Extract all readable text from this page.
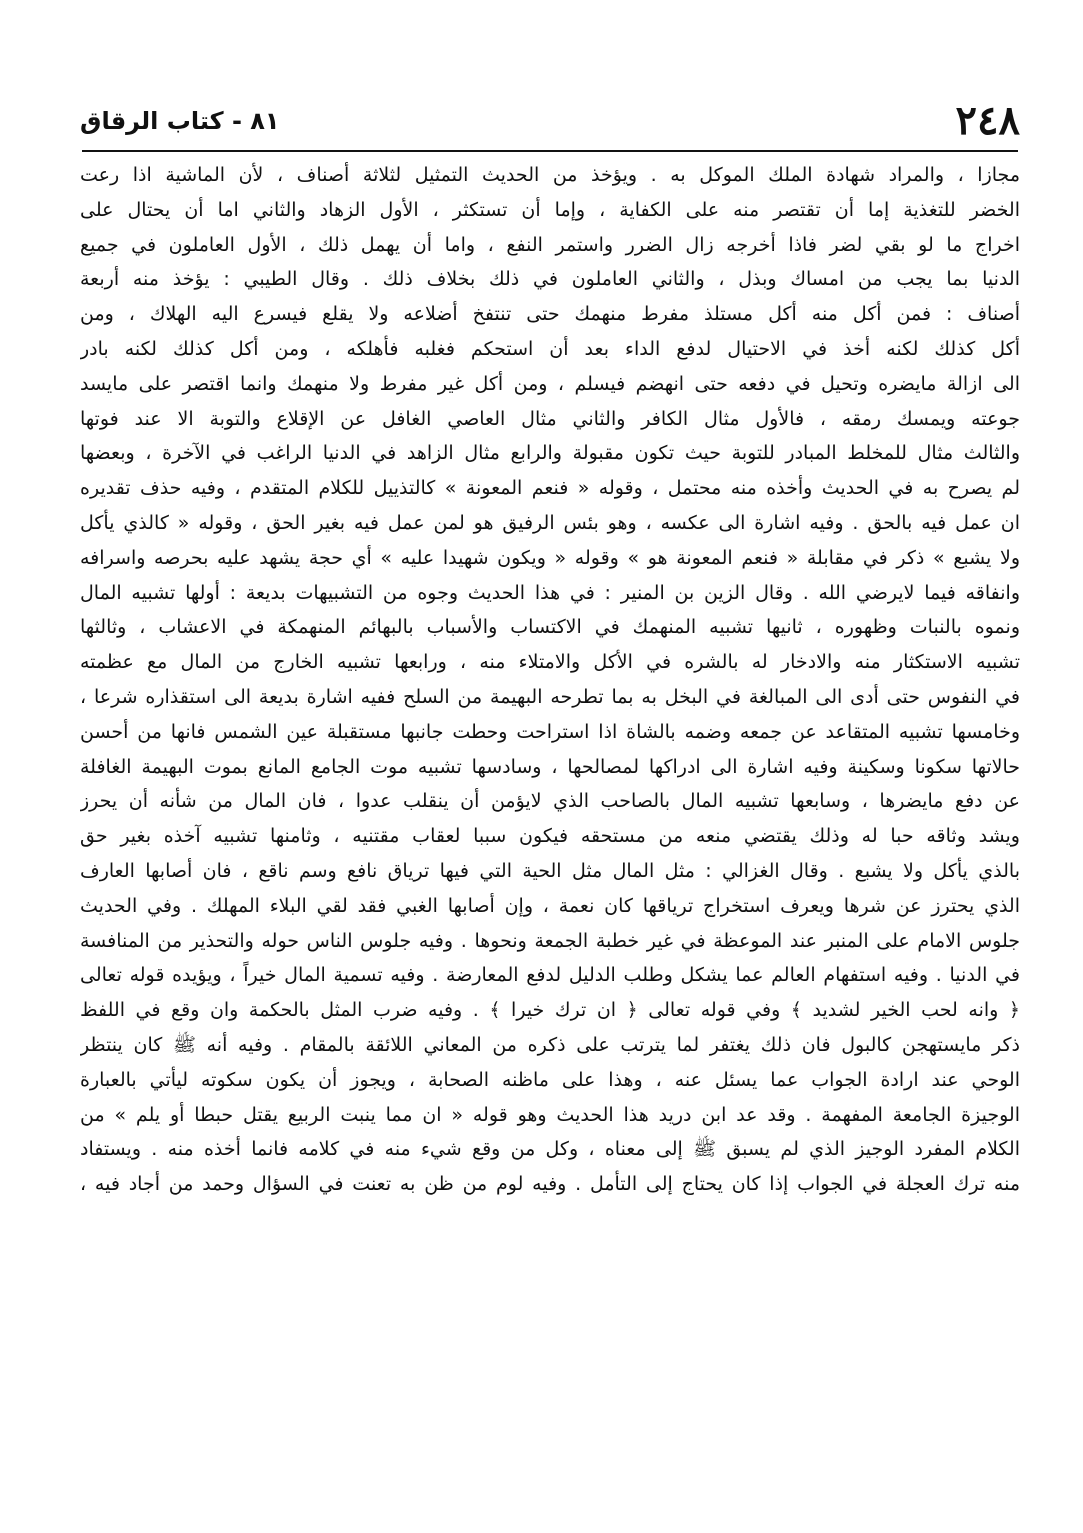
٢٤٨
٨١ - كتاب الرقاق
مجازا ، والمراد شهادة الملك الموكل به . ويؤخذ من الحديث التمثيل لثلاثة أصناف ، لأن الماشية اذا رعت
الخضر للتغذية إما أن تقتصر منه على الكفاية ، وإما أن تستكثر ، الأول الزهاد والثاني اما أن يحتال على
اخراج ما لو بقي لضر فاذا أخرجه زال الضرر واستمر النفع ، واما أن يهمل ذلك ، الأول العاملون في جميع
الدنيا بما يجب من امساك وبذل ، والثاني العاملون في ذلك بخلاف ذلك . وقال الطيبي : يؤخذ منه أربعة
أصناف : فمن أكل منه أكل مستلذ مفرط منهمك حتى تنتفخ أضلاعه ولا يقلع فيسرع اليه الهلاك ، ومن
أكل كذلك لكنه أخذ في الاحتيال لدفع الداء بعد أن استحكم فغلبه فأهلكه ، ومن أكل كذلك لكنه بادر
الى ازالة مايضره وتحيل في دفعه حتى انهضم فيسلم ، ومن أكل غير مفرط ولا منهمك وانما اقتصر على مايسد
جوعته ويمسك رمقه ، فالأول مثال الكافر والثاني مثال العاصي الغافل عن الإقلاع والتوبة الا عند فوتها
والثالث مثال للمخلط المبادر للتوبة حيث تكون مقبولة والرابع مثال الزاهد في الدنيا الراغب في الآخرة ، وبعضها
لم يصرح به في الحديث وأخذه منه محتمل ، وقوله « فنعم المعونة » كالتذييل للكلام المتقدم ، وفيه حذف تقديره
ان عمل فيه بالحق . وفيه اشارة الى عكسه ، وهو بئس الرفيق هو لمن عمل فيه بغير الحق ، وقوله « كالذي يأكل
ولا يشبع » ذكر في مقابلة « فنعم المعونة هو » وقوله « ويكون شهيدا عليه » أي حجة يشهد عليه بحرصه واسرافه
وانفاقه فيما لايرضي الله . وقال الزين بن المنير : في هذا الحديث وجوه من التشبيهات بديعة : أولها تشبيه المال
ونموه بالنبات وظهوره ، ثانيها تشبيه المنهمك في الاكتساب والأسباب بالبهائم المنهمكة في الاعشاب ، وثالثها
تشبيه الاستكثار منه والادخار له بالشره في الأكل والامتلاء منه ، ورابعها تشبيه الخارج من المال مع عظمته
في النفوس حتى أدى الى المبالغة في البخل به بما تطرحه البهيمة من السلح ففيه اشارة بديعة الى استقذاره شرعا ،
وخامسها تشبيه المتقاعد عن جمعه وضمه بالشاة اذا استراحت وحطت جانبها مستقبلة عين الشمس فانها من أحسن
حالاتها سكونا وسكينة وفيه اشارة الى ادراكها لمصالحها ، وسادسها تشبيه موت الجامع المانع بموت البهيمة الغافلة
عن دفع مايضرها ، وسابعها تشبيه المال بالصاحب الذي لايؤمن أن ينقلب عدوا ، فان المال من شأنه أن يحرز
ويشد وثاقه حبا له وذلك يقتضي منعه من مستحقه فيكون سببا لعقاب مقتنيه ، وثامنها تشبيه آخذه بغير حق
بالذي يأكل ولا يشبع . وقال الغزالي : مثل المال مثل الحية التي فيها ترياق نافع وسم ناقع ، فان أصابها العارف
الذي يحترز عن شرها ويعرف استخراج ترياقها كان نعمة ، وإن أصابها الغبي فقد لقي البلاء المهلك . وفي الحديث
جلوس الامام على المنبر عند الموعظة في غير خطبة الجمعة ونحوها . وفيه جلوس الناس حوله والتحذير من المنافسة
في الدنيا . وفيه استفهام العالم عما يشكل وطلب الدليل لدفع المعارضة . وفيه تسمية المال خيراً ، ويؤيده قوله تعالى
﴿ وانه لحب الخير لشديد ﴾ وفي قوله تعالى ﴿ ان ترك خيرا ﴾ . وفيه ضرب المثل بالحكمة وان وقع في اللفظ
ذكر مايستهجن كالبول فان ذلك يغتفر لما يترتب على ذكره من المعاني اللائقة بالمقام . وفيه أنه ﷺ كان ينتظر
الوحي عند ارادة الجواب عما يسئل عنه ، وهذا على ماظنه الصحابة ، ويجوز أن يكون سكوته ليأتي بالعبارة
الوجيزة الجامعة المفهمة . وقد عد ابن دريد هذا الحديث وهو قوله « ان مما ينبت الربيع يقتل حبطا أو يلم » من
الكلام المفرد الوجيز الذي لم يسبق ﷺ إلى معناه ، وكل من وقع شيء منه في كلامه فانما أخذه منه . ويستفاد
منه ترك العجلة في الجواب إذا كان يحتاج إلى التأمل . وفيه لوم من ظن به تعنت في السؤال وحمد من أجاد فيه ،
